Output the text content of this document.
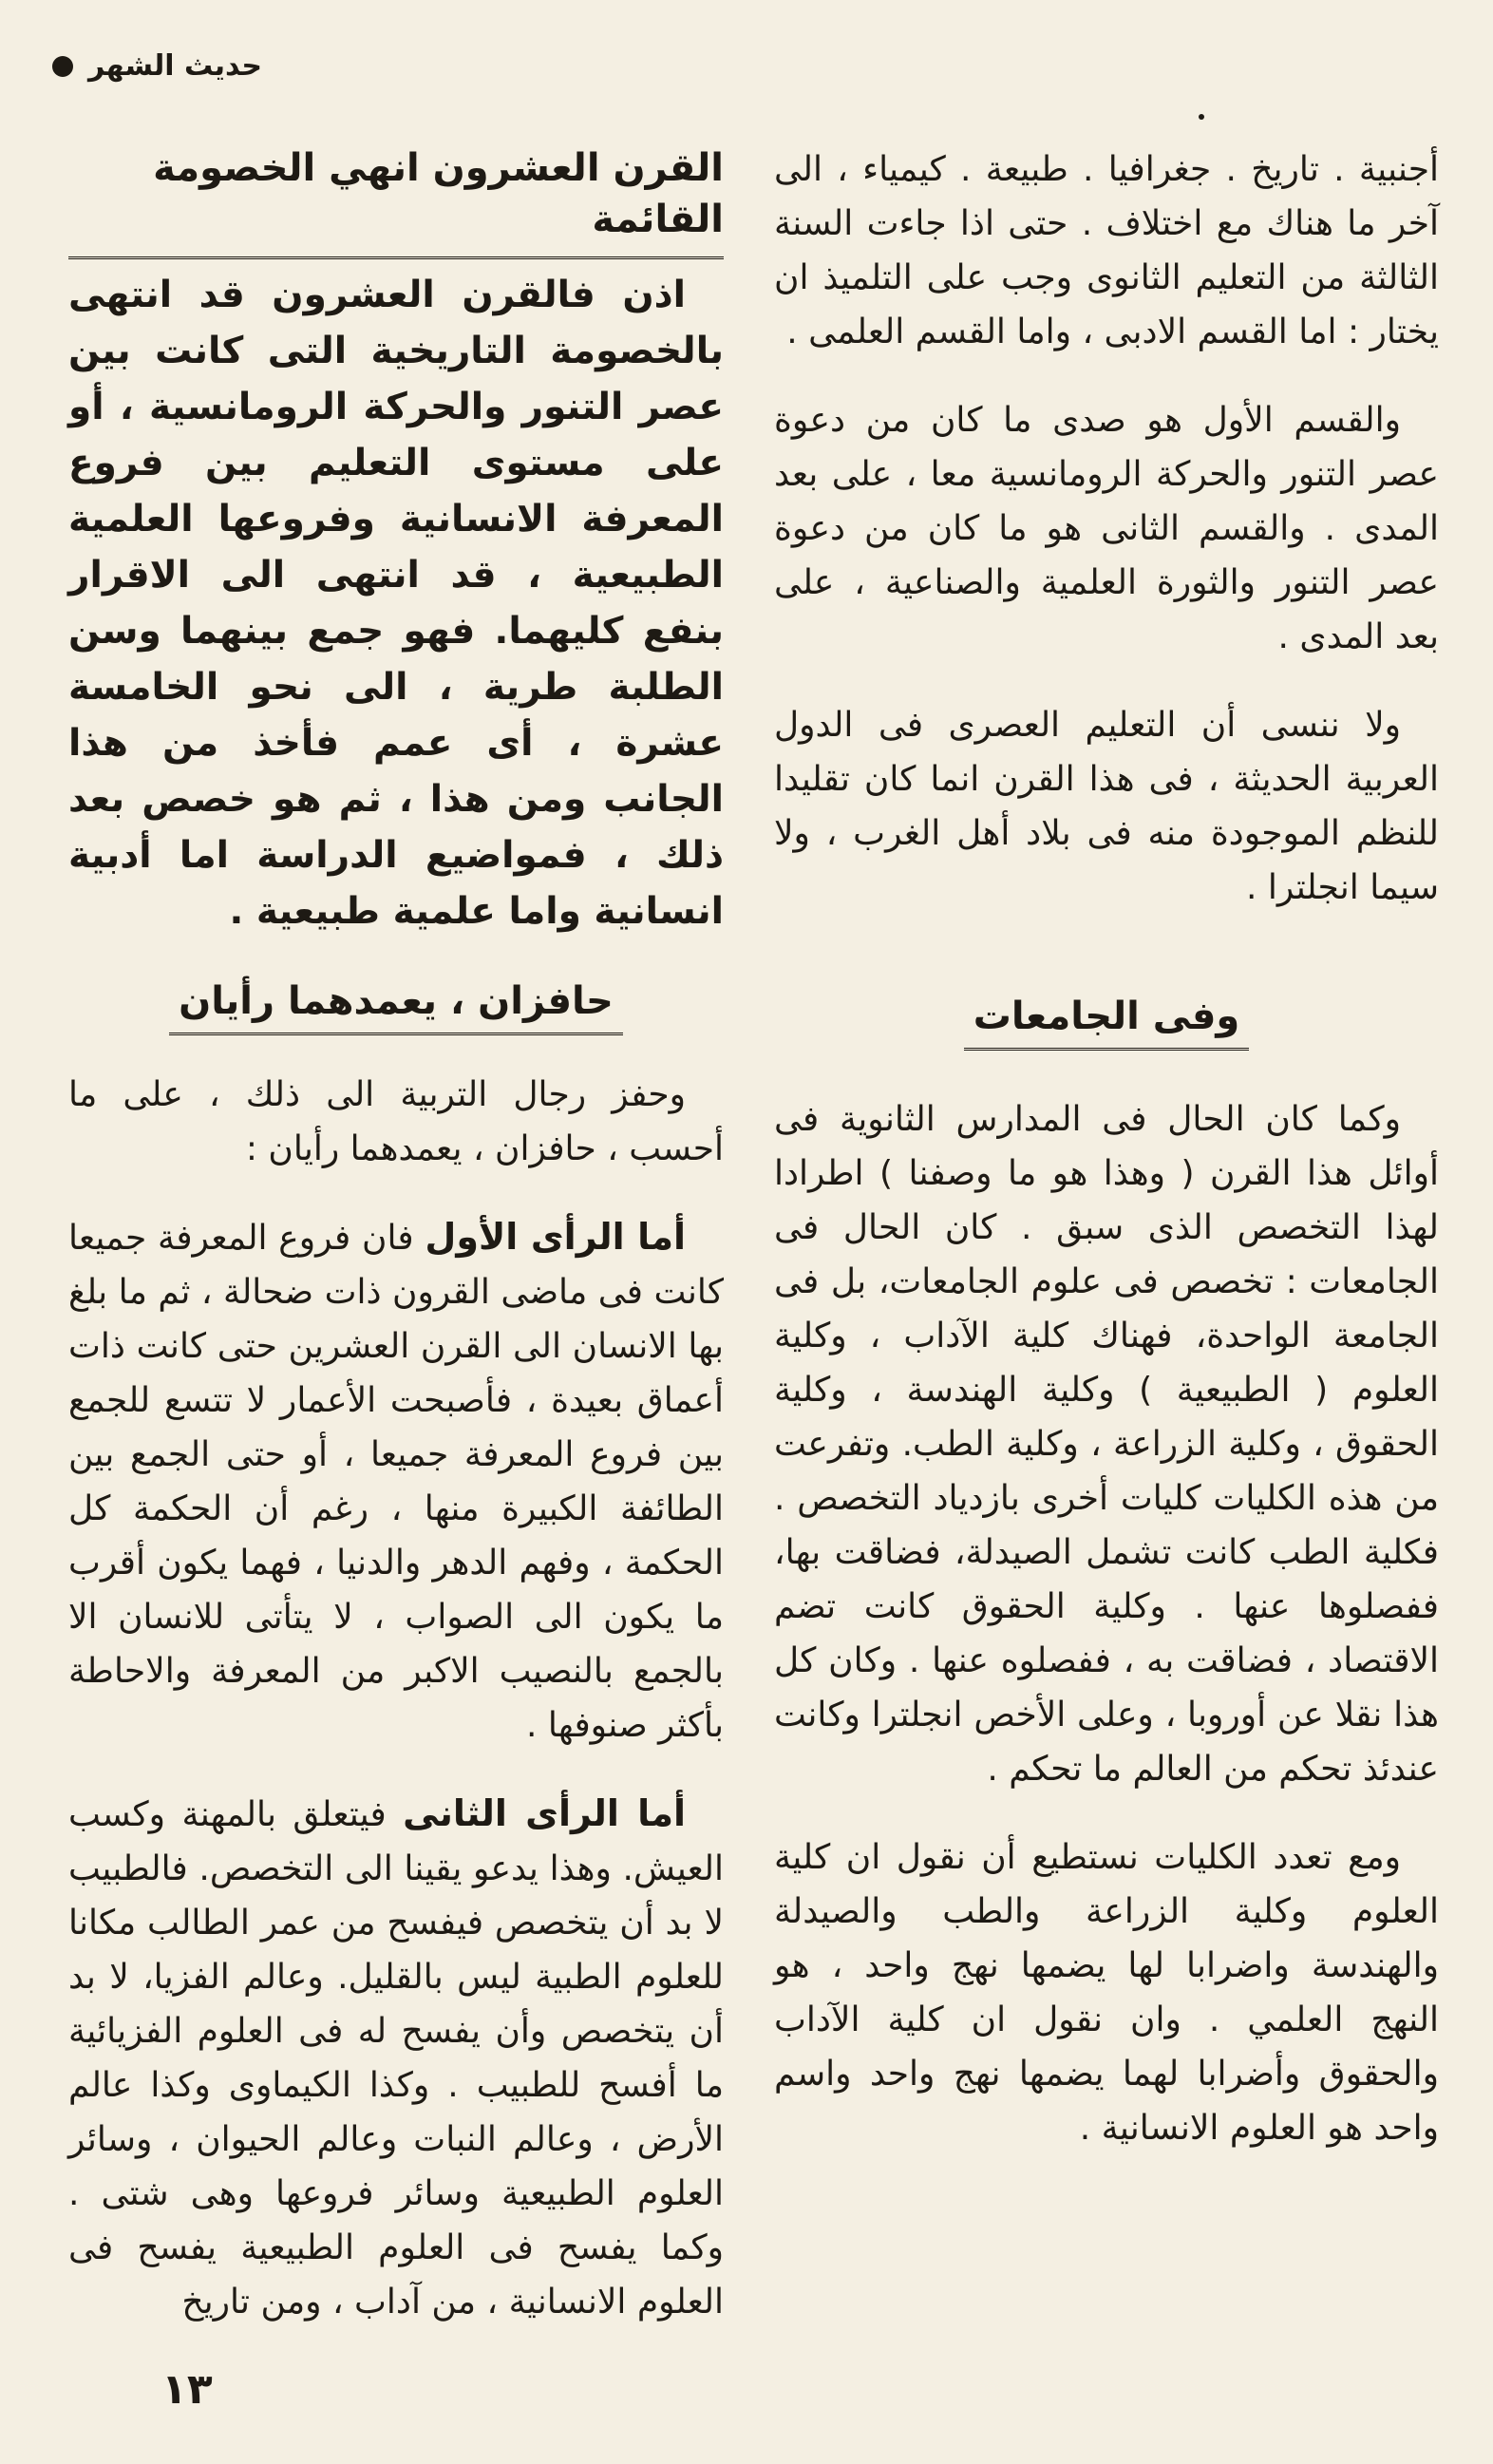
حديث الشهر

أجنبية . تاريخ . جغرافيا . طبيعة . كيمياء ، الى آخر ما هناك مع اختلاف . حتى اذا جاءت السنة الثالثة من التعليم الثانوى وجب على التلميذ ان يختار : اما القسم الادبى ، واما القسم العلمى .

والقسم الأول هو صدى ما كان من دعوة عصر التنور والحركة الرومانسية معا ، على بعد المدى . والقسم الثانى هو ما كان من دعوة عصر التنور والثورة العلمية والصناعية ، على بعد المدى .

ولا ننسى أن التعليم العصرى فى الدول العربية الحديثة ، فى هذا القرن انما كان تقليدا للنظم الموجودة منه فى بلاد أهل الغرب ، ولا سيما انجلترا .

وفى الجامعات

وكما كان الحال فى المدارس الثانوية فى أوائل هذا القرن ( وهذا هو ما وصفنا ) اطرادا لهذا التخصص الذى سبق . كان الحال فى الجامعات : تخصص فى علوم الجامعات، بل فى الجامعة الواحدة، فهناك كلية الآداب ، وكلية العلوم ( الطبيعية ) وكلية الهندسة ، وكلية الحقوق ، وكلية الزراعة ، وكلية الطب. وتفرعت من هذه الكليات كليات أخرى بازدياد التخصص . فكلية الطب كانت تشمل الصيدلة، فضاقت بها، ففصلوها عنها . وكلية الحقوق كانت تضم الاقتصاد ، فضاقت به ، ففصلوه عنها . وكان كل هذا نقلا عن أوروبا ، وعلى الأخص انجلترا وكانت عندئذ تحكم من العالم ما تحكم .

ومع تعدد الكليات نستطيع أن نقول ان كلية العلوم وكلية الزراعة والطب والصيدلة والهندسة واضرابا لها يضمها نهج واحد ، هو النهج العلمي . وان نقول ان كلية الآداب والحقوق وأضرابا لهما يضمها نهج واحد واسم واحد هو العلوم الانسانية .

القرن العشرون انهي الخصومة القائمة

اذن فالقرن العشرون قد انتهى بالخصومة التاريخية التى كانت بين عصر التنور والحركة الرومانسية ، أو على مستوى التعليم بين فروع المعرفة الانسانية وفروعها العلمية الطبيعية ، قد انتهى الى الاقرار بنفع كليهما. فهو جمع بينهما وسن الطلبة طرية ، الى نحو الخامسة عشرة ، أى عمم فأخذ من هذا الجانب ومن هذا ، ثم هو خصص بعد ذلك ، فمواضيع الدراسة اما أدبية انسانية واما علمية طبيعية .

حافزان ، يعمدهما رأيان

وحفز رجال التربية الى ذلك ، على ما أحسب ، حافزان ، يعمدهما رأيان :

أما الرأى الأول فان فروع المعرفة جميعا كانت فى ماضى القرون ذات ضحالة ، ثم ما بلغ بها الانسان الى القرن العشرين حتى كانت ذات أعماق بعيدة ، فأصبحت الأعمار لا تتسع للجمع بين فروع المعرفة جميعا ، أو حتى الجمع بين الطائفة الكبيرة منها ، رغم أن الحكمة كل الحكمة ، وفهم الدهر والدنيا ، فهما يكون أقرب ما يكون الى الصواب ، لا يتأتى للانسان الا بالجمع بالنصيب الاكبر من المعرفة والاحاطة بأكثر صنوفها .

أما الرأى الثانى فيتعلق بالمهنة وكسب العيش. وهذا يدعو يقينا الى التخصص. فالطبيب لا بد أن يتخصص فيفسح من عمر الطالب مكانا للعلوم الطبية ليس بالقليل. وعالم الفزيا، لا بد أن يتخصص وأن يفسح له فى العلوم الفزيائية ما أفسح للطبيب . وكذا الكيماوى وكذا عالم الأرض ، وعالم النبات وعالم الحيوان ، وسائر العلوم الطبيعية وسائر فروعها وهى شتى . وكما يفسح فى العلوم الطبيعية يفسح فى العلوم الانسانية ، من آداب ، ومن تاريخ

١٣
